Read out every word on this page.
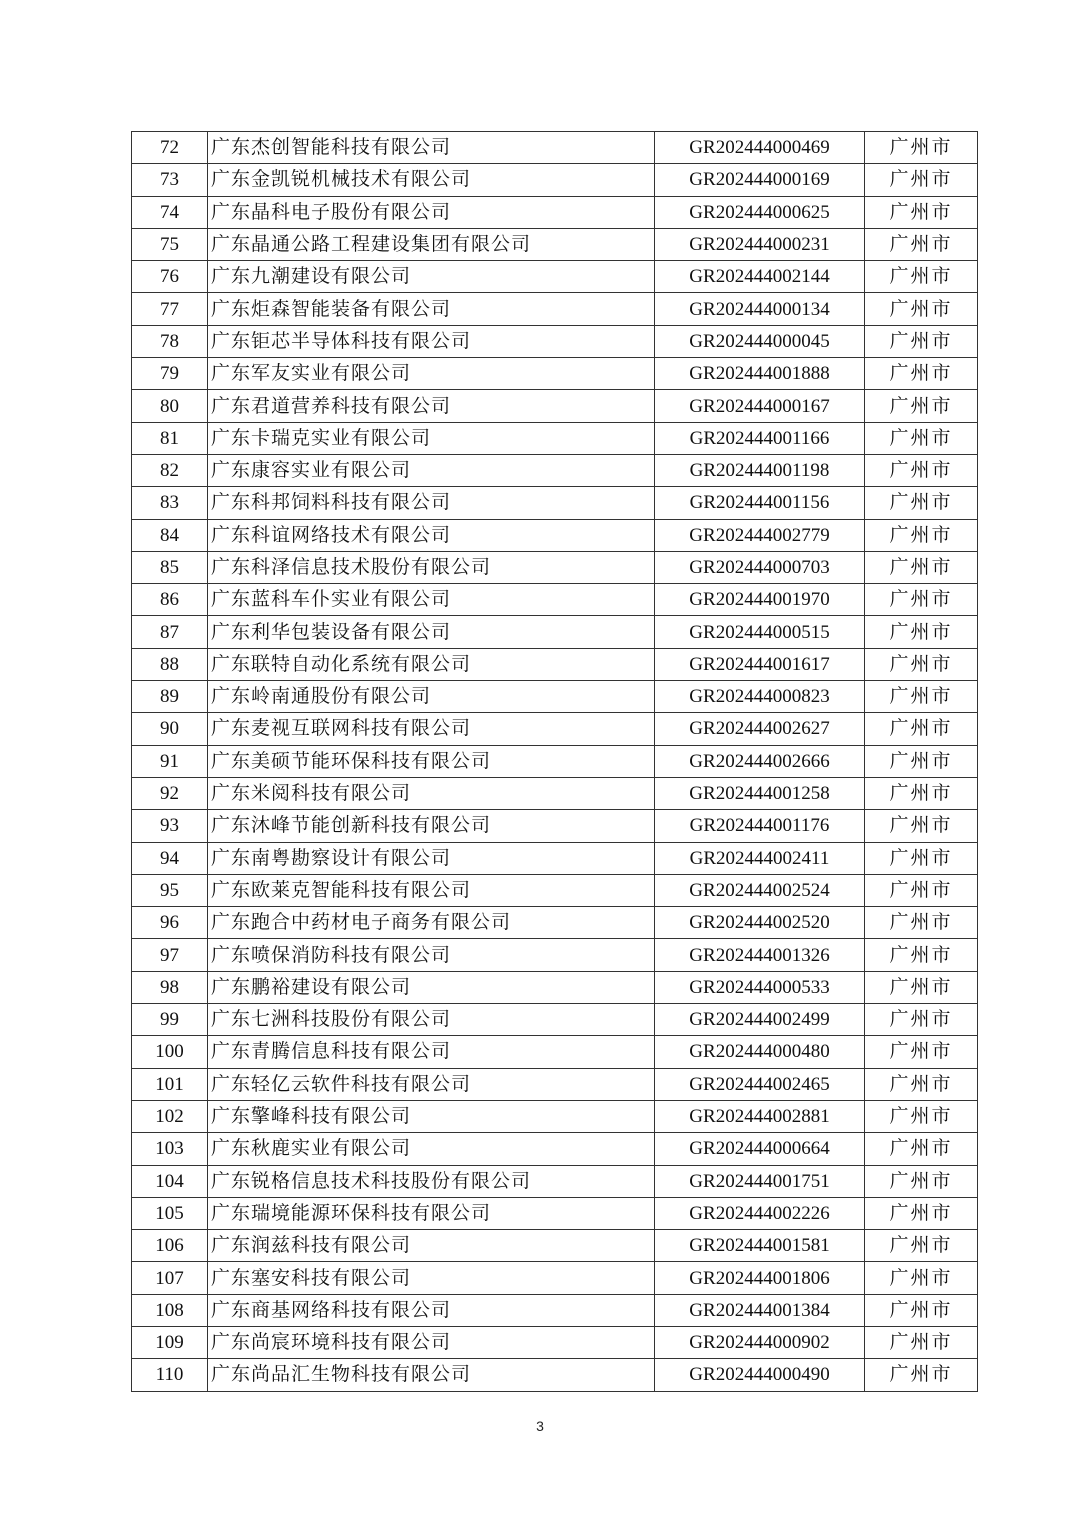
72	广东杰创智能科技有限公司	GR202444000469	广州市
73	广东金凯锐机械技术有限公司	GR202444000169	广州市
74	广东晶科电子股份有限公司	GR202444000625	广州市
75	广东晶通公路工程建设集团有限公司	GR202444000231	广州市
76	广东九潮建设有限公司	GR202444002144	广州市
77	广东炬森智能装备有限公司	GR202444000134	广州市
78	广东钜芯半导体科技有限公司	GR202444000045	广州市
79	广东军友实业有限公司	GR202444001888	广州市
80	广东君道营养科技有限公司	GR202444000167	广州市
81	广东卡瑞克实业有限公司	GR202444001166	广州市
82	广东康容实业有限公司	GR202444001198	广州市
83	广东科邦饲料科技有限公司	GR202444001156	广州市
84	广东科谊网络技术有限公司	GR202444002779	广州市
85	广东科泽信息技术股份有限公司	GR202444000703	广州市
86	广东蓝科车仆实业有限公司	GR202444001970	广州市
87	广东利华包装设备有限公司	GR202444000515	广州市
88	广东联特自动化系统有限公司	GR202444001617	广州市
89	广东岭南通股份有限公司	GR202444000823	广州市
90	广东麦视互联网科技有限公司	GR202444002627	广州市
91	广东美硕节能环保科技有限公司	GR202444002666	广州市
92	广东米阅科技有限公司	GR202444001258	广州市
93	广东沐峰节能创新科技有限公司	GR202444001176	广州市
94	广东南粤勘察设计有限公司	GR202444002411	广州市
95	广东欧莱克智能科技有限公司	GR202444002524	广州市
96	广东跑合中药材电子商务有限公司	GR202444002520	广州市
97	广东喷保消防科技有限公司	GR202444001326	广州市
98	广东鹏裕建设有限公司	GR202444000533	广州市
99	广东七洲科技股份有限公司	GR202444002499	广州市
100	广东青腾信息科技有限公司	GR202444000480	广州市
101	广东轻亿云软件科技有限公司	GR202444002465	广州市
102	广东擎峰科技有限公司	GR202444002881	广州市
103	广东秋鹿实业有限公司	GR202444000664	广州市
104	广东锐格信息技术科技股份有限公司	GR202444001751	广州市
105	广东瑞境能源环保科技有限公司	GR202444002226	广州市
106	广东润兹科技有限公司	GR202444001581	广州市
107	广东塞安科技有限公司	GR202444001806	广州市
108	广东商基网络科技有限公司	GR202444001384	广州市
109	广东尚宸环境科技有限公司	GR202444000902	广州市
110	广东尚品汇生物科技有限公司	GR202444000490	广州市
3
